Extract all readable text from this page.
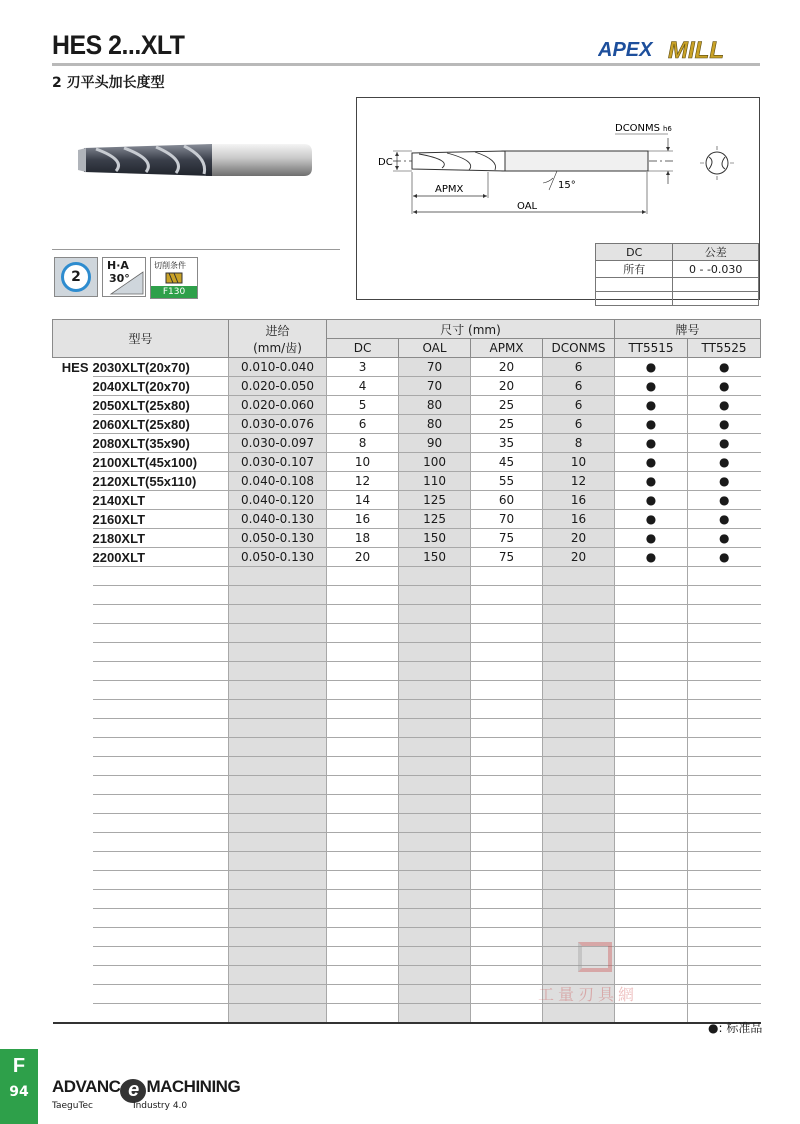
HES 2...XLT
2 刃平头加长度型
APEX MILL
2
H·A
30°
切削条件
F130
DC
APMX
OAL
DCONMS h6
15°
DC	公差
所有	0 - -0.030

型号		进给
(mm/齿)	尺寸 (mm)				牌号	
			DC	OAL	APMX	DCONMS	TT5515	TT5525
HES	2030XLT(20x70)	0.010-0.040	3	70	20	6	●	●
	2040XLT(20x70)	0.020-0.050	4	70	20	6	●	●
	2050XLT(25x80)	0.020-0.060	5	80	25	6	●	●
	2060XLT(25x80)	0.030-0.076	6	80	25	6	●	●
	2080XLT(35x90)	0.030-0.097	8	90	35	8	●	●
	2100XLT(45x100)	0.030-0.107	10	100	45	10	●	●
	2120XLT(55x110)	0.040-0.108	12	110	55	12	●	●
	2140XLT	0.040-0.120	14	125	60	16	●	●
	2160XLT	0.040-0.130	16	125	70	16	●	●
	2180XLT	0.050-0.130	18	150	75	20	●	●
	2200XLT	0.050-0.130	20	150	75	20	●	●

工量刃具網
●: 标准品
F
94	ADVANC e MACHINING
TaeguTec	Industry 4.0
